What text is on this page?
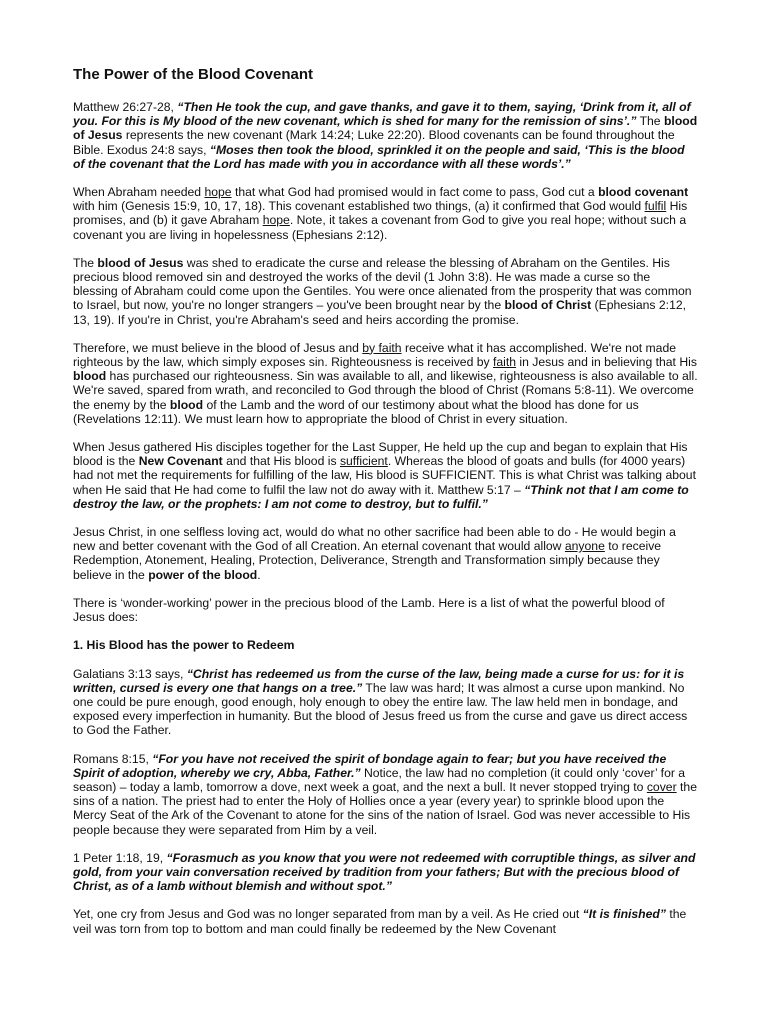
The Power of the Blood Covenant

Matthew 26:27-28, “Then He took the cup, and gave thanks, and gave it to them, saying, ‘Drink from it, all of you. For this is My blood of the new covenant, which is shed for many for the remission of sins’.” The blood of Jesus represents the new covenant (Mark 14:24; Luke 22:20). Blood covenants can be found throughout the Bible. Exodus 24:8 says, “Moses then took the blood, sprinkled it on the people and said, ‘This is the blood of the covenant that the Lord has made with you in accordance with all these words’.”

When Abraham needed hope that what God had promised would in fact come to pass, God cut a blood covenant with him (Genesis 15:9, 10, 17, 18). This covenant established two things, (a) it confirmed that God would fulfil His promises, and (b) it gave Abraham hope. Note, it takes a covenant from God to give you real hope; without such a covenant you are living in hopelessness (Ephesians 2:12).

The blood of Jesus was shed to eradicate the curse and release the blessing of Abraham on the Gentiles. His precious blood removed sin and destroyed the works of the devil (1 John 3:8). He was made a curse so the blessing of Abraham could come upon the Gentiles. You were once alienated from the prosperity that was common to Israel, but now, you're no longer strangers – you've been brought near by the blood of Christ (Ephesians 2:12, 13, 19). If you're in Christ, you're Abraham's seed and heirs according the promise.

Therefore, we must believe in the blood of Jesus and by faith receive what it has accomplished. We're not made righteous by the law, which simply exposes sin. Righteousness is received by faith in Jesus and in believing that His blood has purchased our righteousness. Sin was available to all, and likewise, righteousness is also available to all. We're saved, spared from wrath, and reconciled to God through the blood of Christ (Romans 5:8-11). We overcome the enemy by the blood of the Lamb and the word of our testimony about what the blood has done for us (Revelations 12:11). We must learn how to appropriate the blood of Christ in every situation.

When Jesus gathered His disciples together for the Last Supper, He held up the cup and began to explain that His blood is the New Covenant and that His blood is sufficient. Whereas the blood of goats and bulls (for 4000 years) had not met the requirements for fulfilling of the law, His blood is SUFFICIENT. This is what Christ was talking about when He said that He had come to fulfil the law not do away with it. Matthew 5:17 – “Think not that I am come to destroy the law, or the prophets: I am not come to destroy, but to fulfil.”

Jesus Christ, in one selfless loving act, would do what no other sacrifice had been able to do - He would begin a new and better covenant with the God of all Creation. An eternal covenant that would allow anyone to receive Redemption, Atonement, Healing, Protection, Deliverance, Strength and Transformation simply because they believe in the power of the blood.

There is ‘wonder-working’ power in the precious blood of the Lamb. Here is a list of what the powerful blood of Jesus does:

1. His Blood has the power to Redeem

Galatians 3:13 says, “Christ has redeemed us from the curse of the law, being made a curse for us: for it is written, cursed is every one that hangs on a tree.” The law was hard; It was almost a curse upon mankind. No one could be pure enough, good enough, holy enough to obey the entire law. The law held men in bondage, and exposed every imperfection in humanity. But the blood of Jesus freed us from the curse and gave us direct access to God the Father.

Romans 8:15, “For you have not received the spirit of bondage again to fear; but you have received the Spirit of adoption, whereby we cry, Abba, Father.” Notice, the law had no completion (it could only ‘cover’ for a season) – today a lamb, tomorrow a dove, next week a goat, and the next a bull. It never stopped trying to cover the sins of a nation. The priest had to enter the Holy of Hollies once a year (every year) to sprinkle blood upon the Mercy Seat of the Ark of the Covenant to atone for the sins of the nation of Israel. God was never accessible to His people because they were separated from Him by a veil.

1 Peter 1:18, 19, “Forasmuch as you know that you were not redeemed with corruptible things, as silver and gold, from your vain conversation received by tradition from your fathers; But with the precious blood of Christ, as of a lamb without blemish and without spot.”

Yet, one cry from Jesus and God was no longer separated from man by a veil. As He cried out “It is finished” the veil was torn from top to bottom and man could finally be redeemed by the New Covenant
